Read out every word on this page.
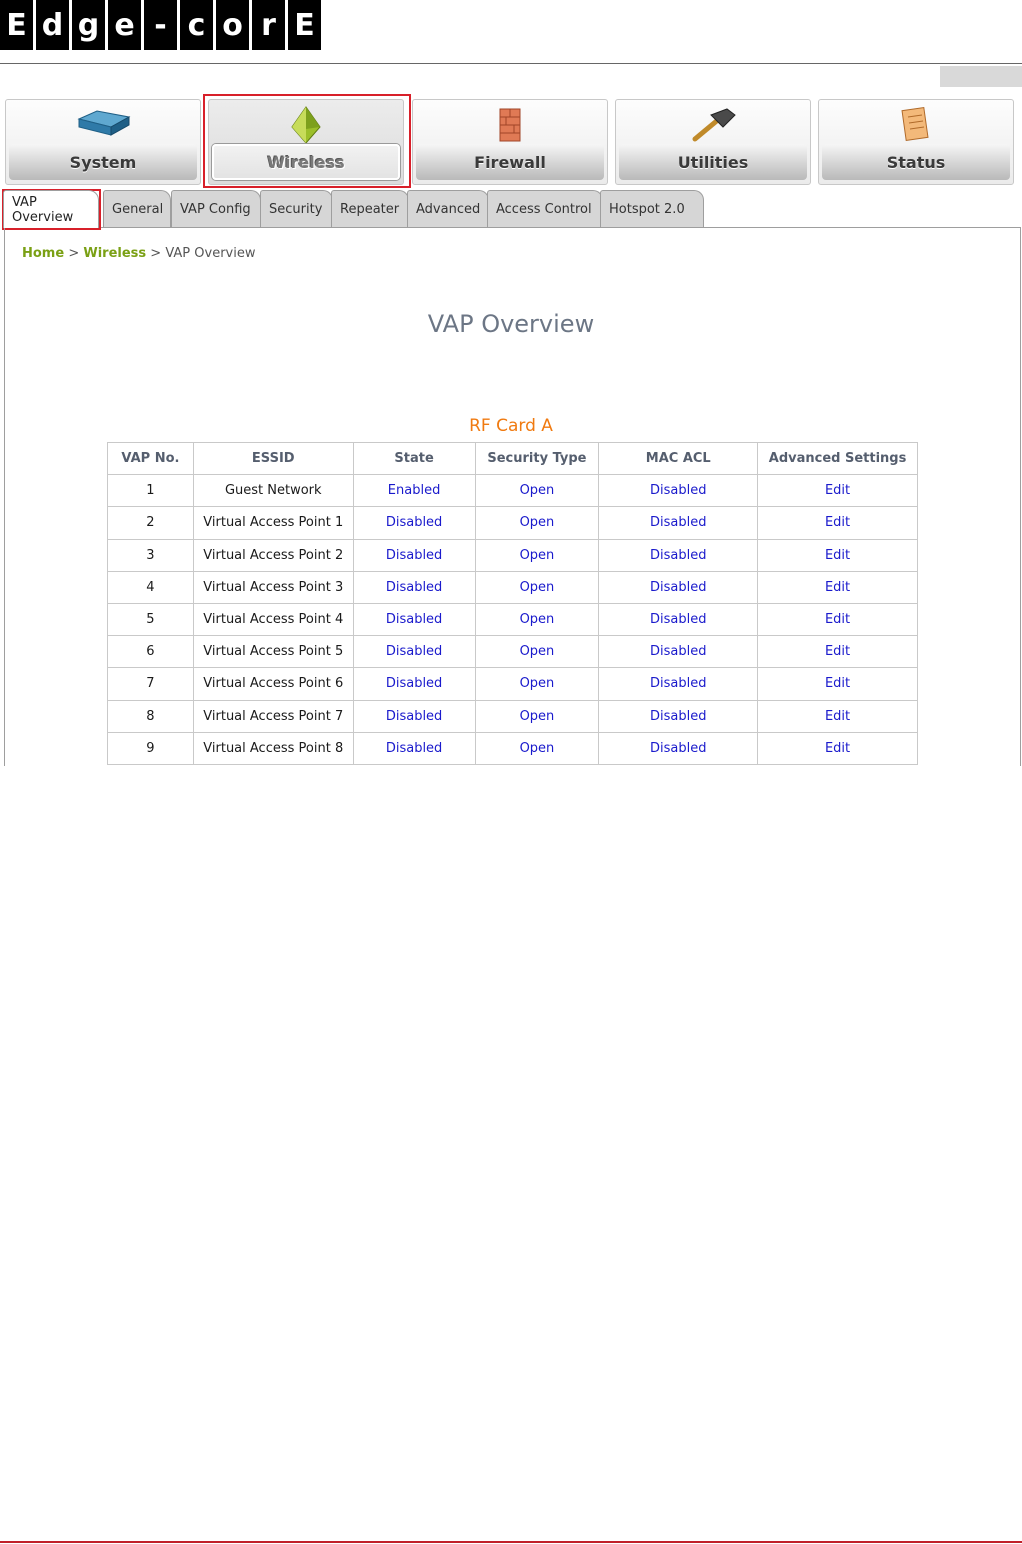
E d g e - c o r E
System	Wireless	Firewall	Utilities	Status
VAP Overview	General	VAP Config	Security	Repeater	Advanced	Access Control	Hotspot 2.0
Home > Wireless > VAP Overview
VAP Overview
RF Card A
VAP No.	ESSID	State	Security Type	MAC ACL	Advanced Settings
1	Guest Network	Enabled	Open	Disabled	Edit
2	Virtual Access Point 1	Disabled	Open	Disabled	Edit
3	Virtual Access Point 2	Disabled	Open	Disabled	Edit
4	Virtual Access Point 3	Disabled	Open	Disabled	Edit
5	Virtual Access Point 4	Disabled	Open	Disabled	Edit
6	Virtual Access Point 5	Disabled	Open	Disabled	Edit
7	Virtual Access Point 6	Disabled	Open	Disabled	Edit
8	Virtual Access Point 7	Disabled	Open	Disabled	Edit
9	Virtual Access Point 8	Disabled	Open	Disabled	Edit
